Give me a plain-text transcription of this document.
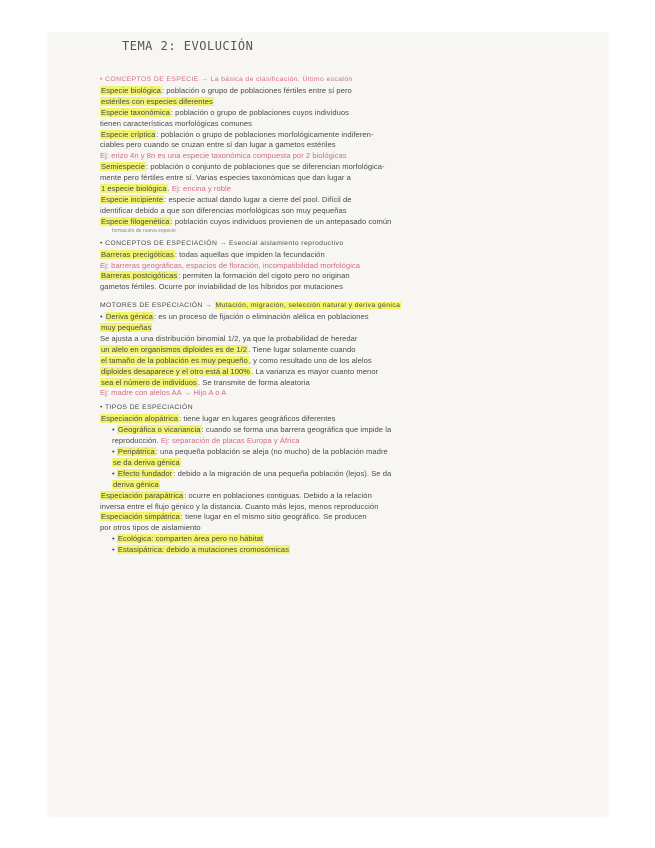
TEMA 2: EVOLUCIÓN
• CONCEPTOS DE ESPECIE → La básica de clasificación. Último escalón
Especie biológica: población o grupo de poblaciones fértiles entre sí pero
estériles con especies diferentes
Especie taxonómica: población o grupo de poblaciones cuyos individuos
tienen características morfológicas comunes
Especie críptica: población o grupo de poblaciones morfológicamente indiferen-
ciables pero cuando se cruzan entre sí dan lugar a gametos estériles
Ej: erizo 4n y 8n es una especie taxonómica compuesta por 2 biológicas
Semiespecie: población o conjunto de poblaciones que se diferencian morfológica-
mente pero fértiles entre sí. Varias especies taxonómicas que dan lugar a
1 especie biológica. Ej: encina y roble
Especie incipiente: especie actual dando lugar a cierre del pool. Difícil de
identificar debido a que son diferencias morfológicas son muy pequeñas
Especie filogenética: población cuyos individuos provienen de un antepasado común
formación de nueva especie
• CONCEPTOS DE ESPECIACIÓN → Esencial aislamiento reproductivo
Barreras precigóticas: todas aquellas que impiden la fecundación
Ej: barreras geográficas, espacios de floración, incompatibilidad morfológica
Barreras postcigóticas: permiten la formación del cigoto pero no originan
gametos fértiles. Ocurre por inviabilidad de los híbridos por mutaciones
MOTORES DE ESPECIACIÓN → Mutación, migración, selección natural y deriva génica
• Deriva génica: es un proceso de fijación o eliminación alélica en poblaciones
muy pequeñas
Se ajusta a una distribución binomial 1/2, ya que la probabilidad de heredar
un alelo en organismos diploides es de 1/2. Tiene lugar solamente cuando
el tamaño de la población es muy pequeño, y como resultado uno de los alelos
diploides desaparece y el otro está al 100%. La varianza es mayor cuanto menor
sea el número de individuos. Se transmite de forma aleatoria
Ej: madre con alelos AA → Hijo A o A
• TIPOS DE ESPECIACIÓN
Especiación alopátrica: tiene lugar en lugares geográficos diferentes
• Geográfica o vicariancia: cuando se forma una barrera geográfica que impide la
reproducción. Ej: separación de placas Europa y África
• Peripátrica: una pequeña población se aleja (no mucho) de la población madre
se da deriva génica
• Efecto fundador: debido a la migración de una pequeña población (lejos). Se da
deriva génica
Especiación parapátrica: ocurre en poblaciones contiguas. Debido a la relación
inversa entre el flujo génico y la distancia. Cuanto más lejos, menos reproducción
Especiación simpátrica: tiene lugar en el mismo sitio geográfico. Se producen
por otros tipos de aislamiento
• Ecológica: comparten área pero no hábitat
• Estasipátrica: debido a mutaciones cromosómicas
